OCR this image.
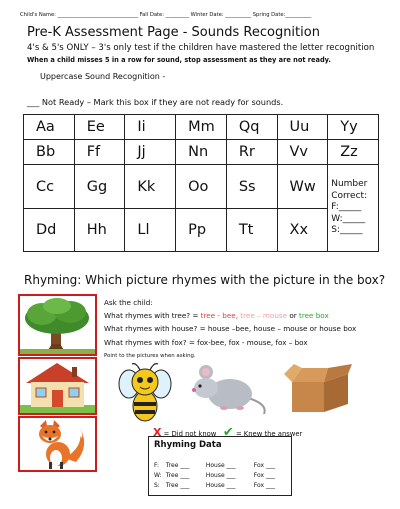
Child's Name: _______________________________ Fall Date: _________ Winter Date: __________ Spring Date:__________
Pre-K Assessment Page - Sounds Recognition
4's & 5's ONLY – 3's only test if the children have mastered the letter recognition
When a child misses 5 in a row for sound, stop assessment as they are not ready.
Uppercase Sound Recognition -
___ Not Ready – Mark this box if they are not ready for sounds.
Aa	Ee	Ii	Mm	Qq	Uu	Yy
Bb	Ff	Jj	Nn	Rr	Vv	Zz
Cc	Gg	Kk	Oo	Ss	Ww	Number
Correct:
F:_____
W:_____
S:_____

Dd	Hh	Ll	Pp	Tt	Xx	
Rhyming: Which picture rhymes with the picture in the box?
Ask the child:
What rhymes with tree? = tree - bee, tree – mouse or tree box
What rhymes with house? = house –bee, house – mouse or house box
What rhymes with fox? = fox-bee, fox - mouse, fox – box
Point to the pictures when asking.
X = Did not know ✔ = Knew the answer
Rhyming Data
F: Tree ___	House ___	Fox ___
W: Tree ___	House ___	Fox ___
S: Tree ___	House ___	Fox ___
